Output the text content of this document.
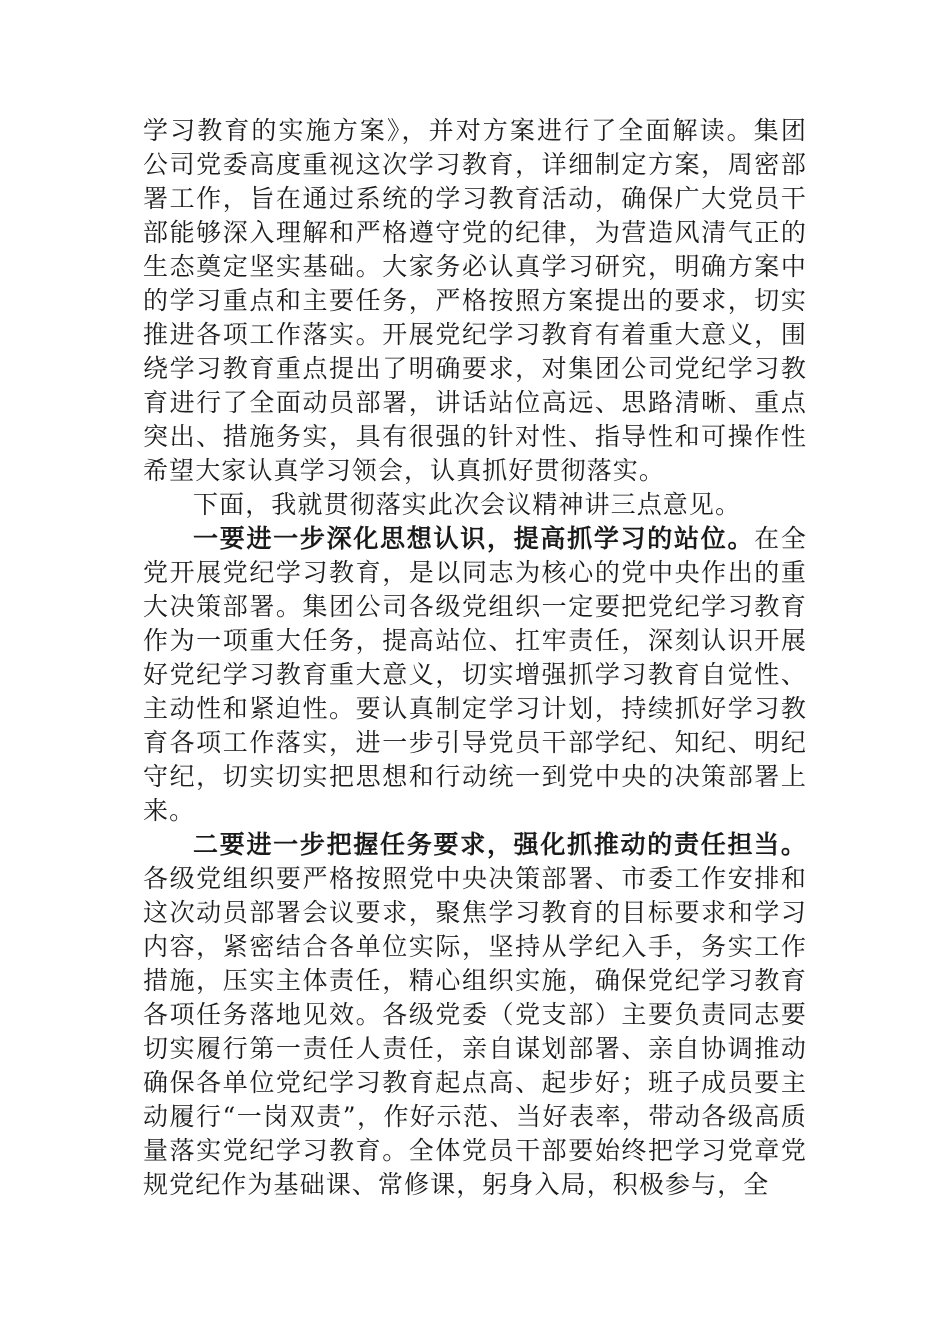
学习教育的实施方案》，并对方案进行了全面解读。集团公司党委高度重视这次学习教育，详细制定方案，周密部署工作，旨在通过系统的学习教育活动，确保广大党员干部能够深入理解和严格遵守党的纪律，为营造风清气正的生态奠定坚实基础。大家务必认真学习研究，明确方案中的学习重点和主要任务，严格按照方案提出的要求，切实推进各项工作落实。开展党纪学习教育有着重大意义，围绕学习教育重点提出了明确要求，对集团公司党纪学习教育进行了全面动员部署，讲话站位高远、思路清晰、重点突出、措施务实，具有很强的针对性、指导性和可操作性希望大家认真学习领会，认真抓好贯彻落实。

下面，我就贯彻落实此次会议精神讲三点意见。

一要进一步深化思想认识，提高抓学习的站位。在全党开展党纪学习教育，是以同志为核心的党中央作出的重大决策部署。集团公司各级党组织一定要把党纪学习教育作为一项重大任务，提高站位、扛牢责任，深刻认识开展好党纪学习教育重大意义，切实增强抓学习教育自觉性、主动性和紧迫性。要认真制定学习计划，持续抓好学习教育各项工作落实，进一步引导党员干部学纪、知纪、明纪守纪，切实切实把思想和行动统一到党中央的决策部署上来。

二要进一步把握任务要求，强化抓推动的责任担当。各级党组织要严格按照党中央决策部署、市委工作安排和这次动员部署会议要求，聚焦学习教育的目标要求和学习内容，紧密结合各单位实际，坚持从学纪入手，务实工作措施，压实主体责任，精心组织实施，确保党纪学习教育各项任务落地见效。各级党委（党支部）主要负责同志要切实履行第一责任人责任，亲自谋划部署、亲自协调推动确保各单位党纪学习教育起点高、起步好；班子成员要主动履行“一岗双责”，作好示范、当好表率，带动各级高质量落实党纪学习教育。全体党员干部要始终把学习党章党规党纪作为基础课、常修课，躬身入局，积极参与，全
